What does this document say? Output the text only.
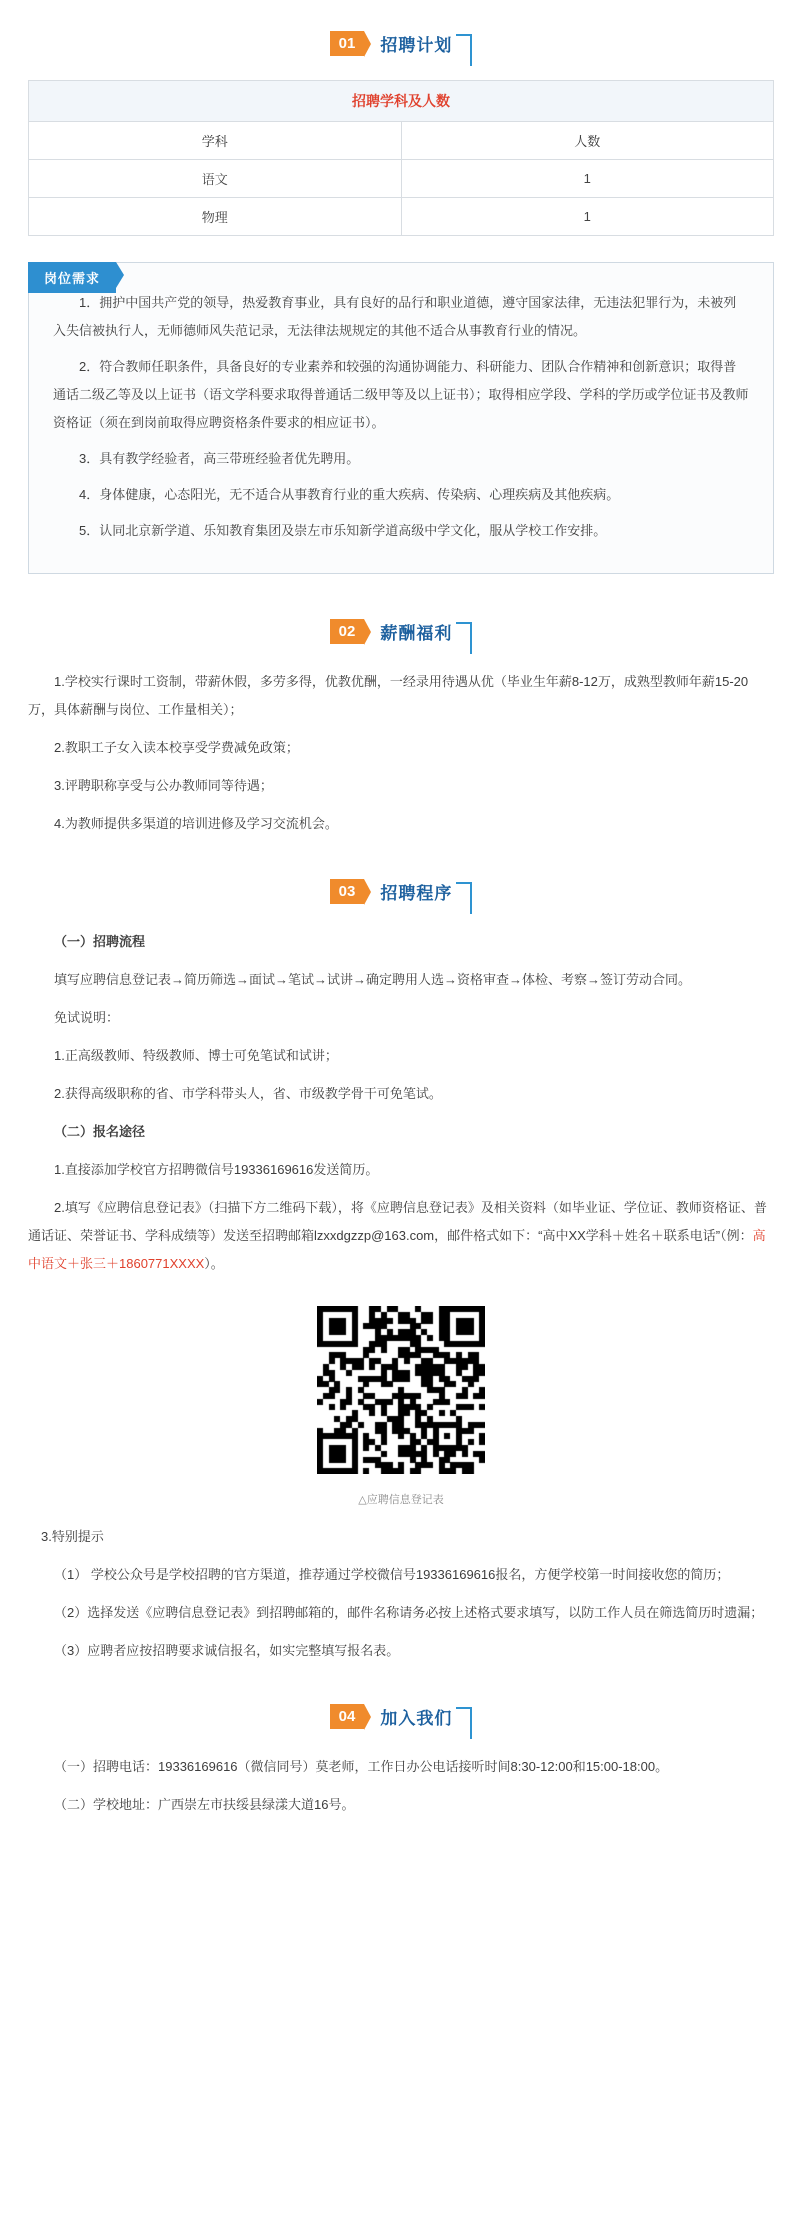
01	招聘计划
招聘学科及人数	
学科	人数
语文	1
物理	1
岗位需求

1．拥护中国共产党的领导，热爱教育事业，具有良好的品行和职业道德，遵守国家法律，无违法犯罪行为，未被列入失信被执行人，无师德师风失范记录，无法律法规规定的其他不适合从事教育行业的情况。

2．符合教师任职条件，具备良好的专业素养和较强的沟通协调能力、科研能力、团队合作精神和创新意识；取得普通话二级乙等及以上证书（语文学科要求取得普通话二级甲等及以上证书）；取得相应学段、学科的学历或学位证书及教师资格证（须在到岗前取得应聘资格条件要求的相应证书）。

3．具有教学经验者，高三带班经验者优先聘用。

4．身体健康，心态阳光，无不适合从事教育行业的重大疾病、传染病、心理疾病及其他疾病。

5．认同北京新学道、乐知教育集团及崇左市乐知新学道高级中学文化，服从学校工作安排。

02	薪酬福利

1.学校实行课时工资制，带薪休假，多劳多得，优教优酬，一经录用待遇从优（毕业生年薪8-12万，成熟型教师年薪15-20万，具体薪酬与岗位、工作量相关）；

2.教职工子女入读本校享受学费减免政策；

3.评聘职称享受与公办教师同等待遇；

4.为教师提供多渠道的培训进修及学习交流机会。

03	招聘程序

（一）招聘流程

填写应聘信息登记表→简历筛选→面试→笔试→试讲→确定聘用人选→资格审查→体检、考察→签订劳动合同。

免试说明：

1.正高级教师、特级教师、博士可免笔试和试讲；

2.获得高级职称的省、市学科带头人，省、市级教学骨干可免笔试。

（二）报名途径

1.直接添加学校官方招聘微信号19336169616发送简历。

2.填写《应聘信息登记表》（扫描下方二维码下载），将《应聘信息登记表》及相关资料（如毕业证、学位证、教师资格证、普通话证、荣誉证书、学科成绩等）发送至招聘邮箱lzxxdgzzp@163.com，邮件格式如下：“高中XX学科＋姓名＋联系电话”（例：高中语文＋张三＋1860771XXXX）。

△应聘信息登记表

3.特别提示

（1） 学校公众号是学校招聘的官方渠道，推荐通过学校微信号19336169616报名，方便学校第一时间接收您的简历；

（2）选择发送《应聘信息登记表》到招聘邮箱的，邮件名称请务必按上述格式要求填写，以防工作人员在筛选简历时遗漏；

（3）应聘者应按招聘要求诚信报名，如实完整填写报名表。

04	加入我们

（一）招聘电话：19336169616（微信同号）莫老师，工作日办公电话接听时间8:30-12:00和15:00-18:00。

（二）学校地址：广西崇左市扶绥县绿漾大道16号。
